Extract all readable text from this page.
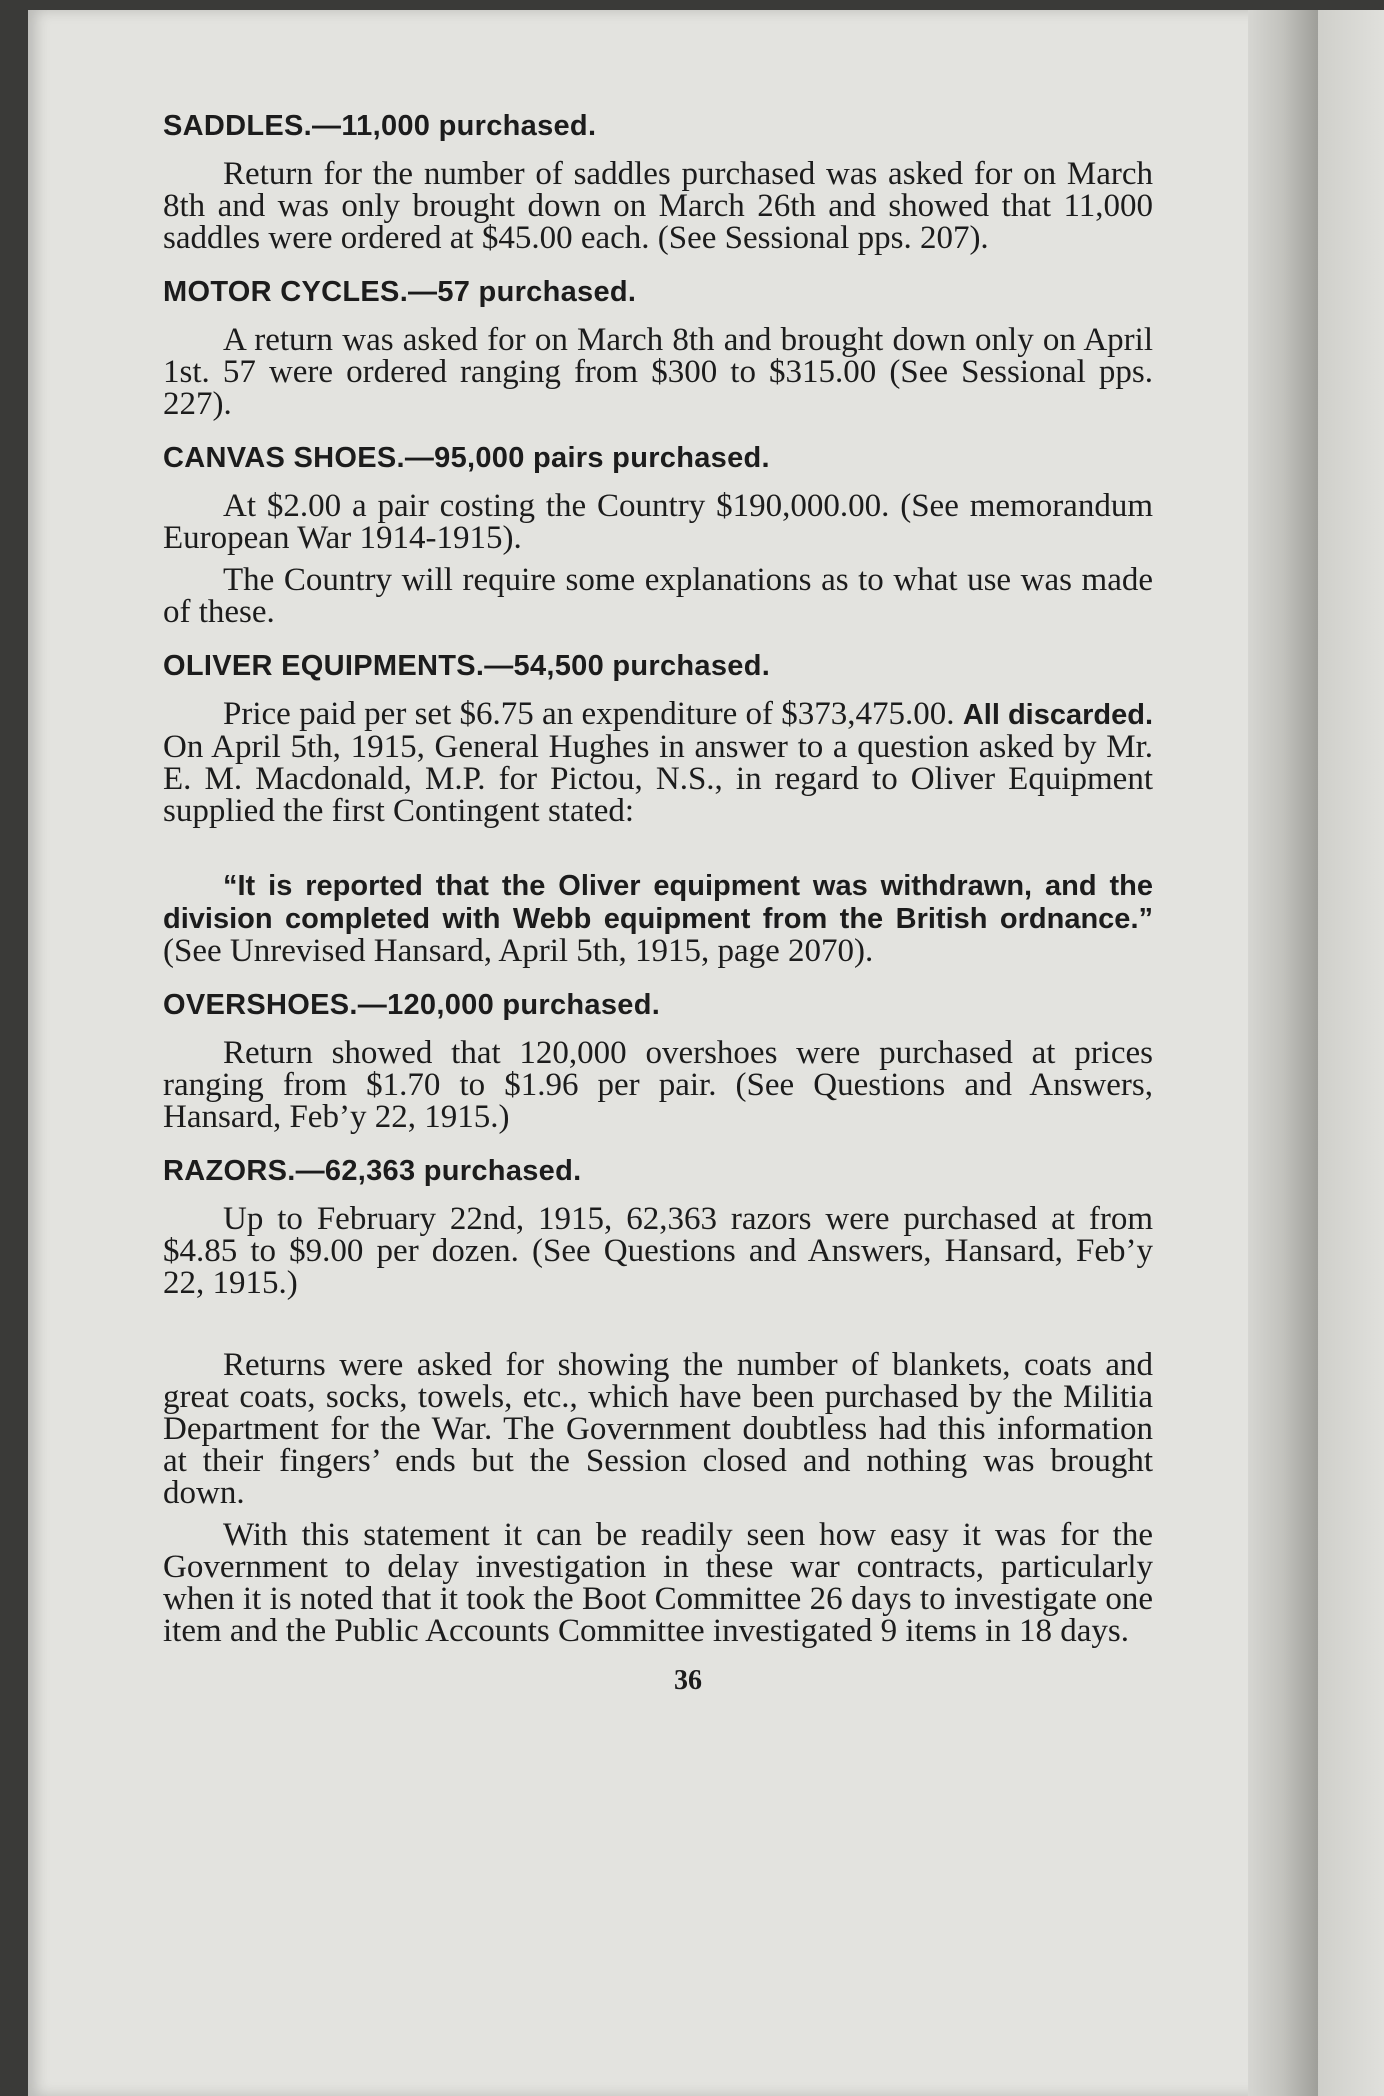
SADDLES.—11,000 purchased.

Return for the number of saddles purchased was asked for on March 8th and was only brought down on March 26th and showed that 11,000 saddles were ordered at $45.00 each. (See Sessional pps. 207).

MOTOR CYCLES.—57 purchased.

A return was asked for on March 8th and brought down only on April 1st. 57 were ordered ranging from $300 to $315.00 (See Sessional pps. 227).

CANVAS SHOES.—95,000 pairs purchased.

At $2.00 a pair costing the Country $190,000.00. (See memorandum European War 1914-1915).

The Country will require some explanations as to what use was made of these.

OLIVER EQUIPMENTS.—54,500 purchased.

Price paid per set $6.75 an expenditure of $373,475.00. All discarded. On April 5th, 1915, General Hughes in answer to a question asked by Mr. E. M. Macdonald, M.P. for Pictou, N.S., in regard to Oliver Equipment supplied the first Contingent stated:

“It is reported that the Oliver equipment was withdrawn, and the division completed with Webb equipment from the British ordnance.” (See Unrevised Hansard, April 5th, 1915, page 2070).
OVERSHOES.—120,000 purchased.

Return showed that 120,000 overshoes were purchased at prices ranging from $1.70 to $1.96 per pair. (See Questions and Answers, Hansard, Feb’y 22, 1915.)

RAZORS.—62,363 purchased.

Up to February 22nd, 1915, 62,363 razors were purchased at from $4.85 to $9.00 per dozen. (See Questions and Answers, Hansard, Feb’y 22, 1915.)

Returns were asked for showing the number of blankets, coats and great coats, socks, towels, etc., which have been purchased by the Militia Department for the War. The Government doubtless had this information at their fingers’ ends but the Session closed and nothing was brought down.

With this statement it can be readily seen how easy it was for the Government to delay investigation in these war contracts, particularly when it is noted that it took the Boot Committee 26 days to investigate one item and the Public Accounts Committee investigated 9 items in 18 days.

36
